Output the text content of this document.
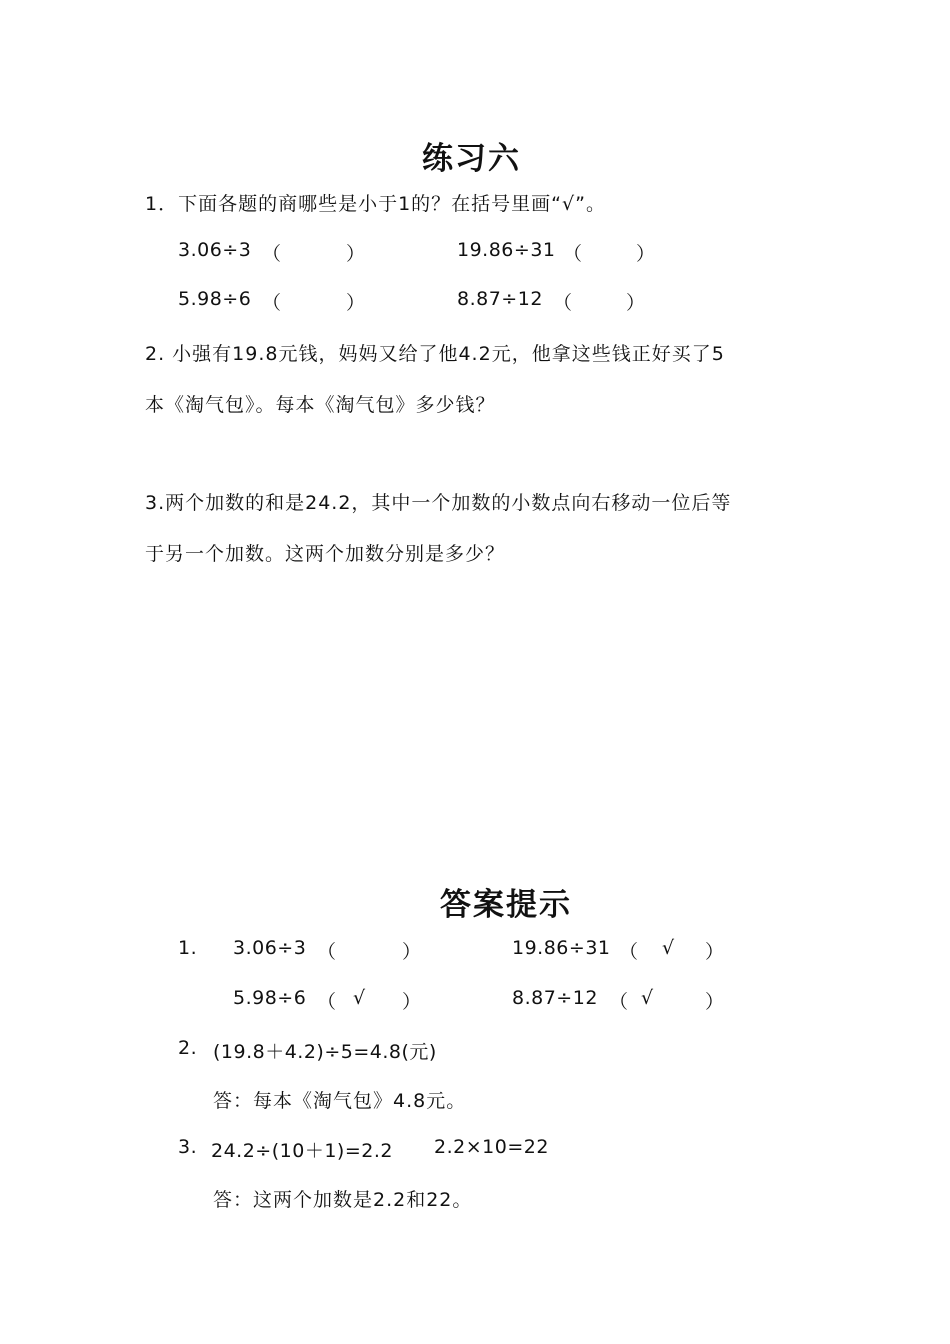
练习六
1．下面各题的商哪些是小于1的？在括号里画“√”。
3.06÷3 （	）	19.86÷31 （	）
5.98÷6 （	）	8.87÷12 （	）
2. 小强有19.8元钱，妈妈又给了他4.2元，他拿这些钱正好买了5
本《淘气包》。每本《淘气包》多少钱？
3.两个加数的和是24.2，其中一个加数的小数点向右移动一位后等
于另一个加数。这两个加数分别是多少？
答案提示
1. 3.06÷3 （	）	19.86÷31 （ √ ）
5.98÷6 （ √ ）	8.87÷12 （ √	）
2. (19.8＋4.2)÷5=4.8(元)
答：每本《淘气包》4.8元。
3. 24.2÷(10＋1)=2.2 2.2×10=22
答：这两个加数是2.2和22。
